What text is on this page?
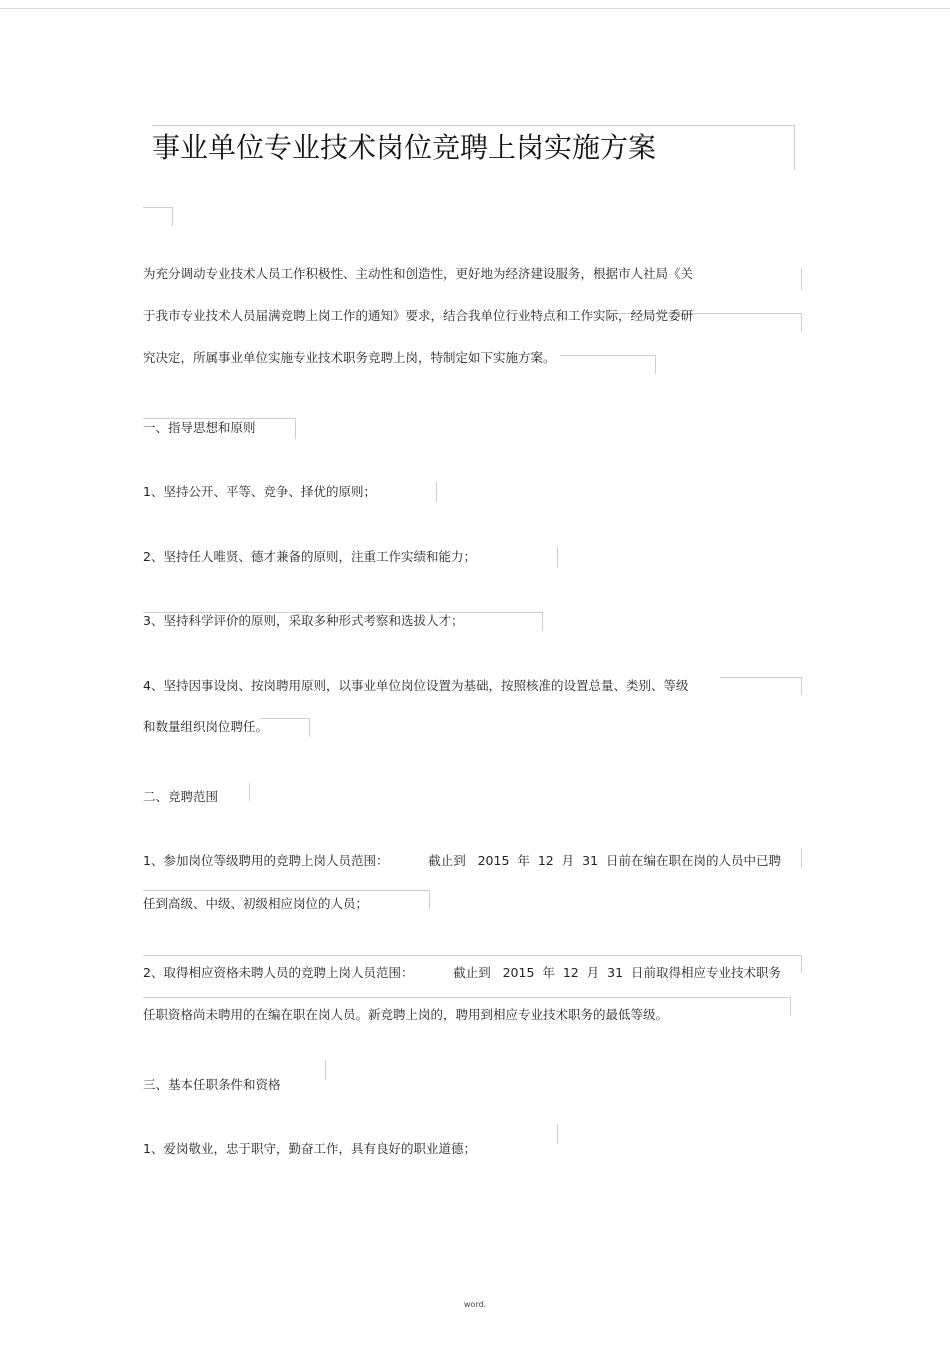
事业单位专业技术岗位竞聘上岗实施方案
为充分调动专业技术人员工作积极性、主动性和创造性，更好地为经济建设服务，根据市人社局《关
于我市专业技术人员届满竞聘上岗工作的通知》要求，结合我单位行业特点和工作实际，经局党委研
究决定，所属事业单位实施专业技术职务竞聘上岗，特制定如下实施方案。
一、指导思想和原则
1、坚持公开、平等、竞争、择优的原则；
2、坚持任人唯贤、德才兼备的原则，注重工作实绩和能力；
3、坚持科学评价的原则，采取多种形式考察和选拔人才；
4、坚持因事设岗、按岗聘用原则，以事业单位岗位设置为基础，按照核准的设置总量、类别、等级
和数量组织岗位聘任。
二、竞聘范围
1、参加岗位等级聘用的竞聘上岗人员范围：          截止到   2015  年  12  月  31  日前在编在职在岗的人员中已聘
任到高级、中级、初级相应岗位的人员；
2、取得相应资格未聘人员的竞聘上岗人员范围：          截止到   2015  年  12  月  31  日前取得相应专业技术职务
任职资格尚未聘用的在编在职在岗人员。新竞聘上岗的，聘用到相应专业技术职务的最低等级。
三、基本任职条件和资格
1、爱岗敬业，忠于职守，勤奋工作，具有良好的职业道德；
word.
